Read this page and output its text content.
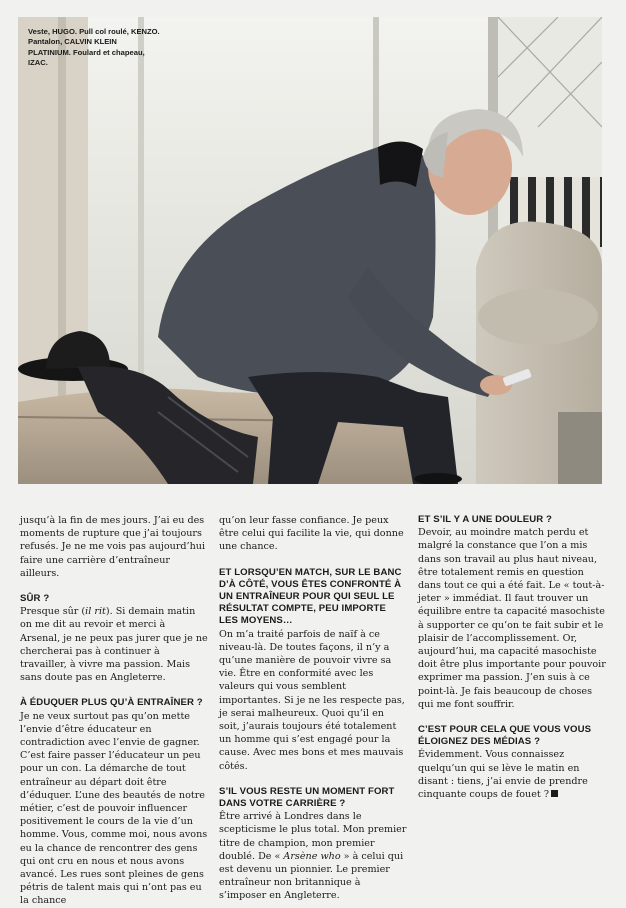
Veste, HUGO. Pull col roulé, KENZO. Pantalon, CALVIN KLEIN PLATINIUM. Foulard et chapeau, IZAC.

jusqu’à la fin de mes jours. J’ai eu des moments de rupture que j’ai toujours refusés. Je ne me vois pas aujourd’hui faire une carrière d’entraîneur ailleurs.

SÛR ?

Presque sûr (il rit). Si demain matin on me dit au revoir et merci à Arsenal, je ne peux pas jurer que je ne chercherai pas à continuer à travailler, à vivre ma passion. Mais sans doute pas en Angleterre.

À ÉDUQUER PLUS QU’À ENTRAÎNER ?

Je ne veux surtout pas qu’on mette l’envie d’être éducateur en contradiction avec l’envie de gagner. C’est faire passer l’éducateur un peu pour un con. La démarche de tout entraîneur au départ doit être d’éduquer. L’une des beautés de notre métier, c’est de pouvoir influencer positivement le cours de la vie d’un homme. Vous, comme moi, nous avons eu la chance de rencontrer des gens qui ont cru en nous et nous avons avancé. Les rues sont pleines de gens pétris de talent mais qui n’ont pas eu la chance

qu’on leur fasse confiance. Je peux être celui qui facilite la vie, qui donne une chance.

ET LORSQU’EN MATCH, SUR LE BANC D’À CÔTÉ, VOUS ÊTES CONFRONTÉ À UN ENTRAÎNEUR POUR QUI SEUL LE RÉSULTAT COMPTE, PEU IMPORTE LES MOYENS…

On m’a traité parfois de naïf à ce niveau-là. De toutes façons, il n’y a qu’une manière de pouvoir vivre sa vie. Être en conformité avec les valeurs qui vous semblent importantes. Si je ne les respecte pas, je serai malheureux. Quoi qu’il en soit, j’aurais toujours été totalement un homme qui s’est engagé pour la cause. Avec mes bons et mes mauvais côtés.

S’IL VOUS RESTE UN MOMENT FORT DANS VOTRE CARRIÈRE ?

Être arrivé à Londres dans le scepticisme le plus total. Mon premier titre de champion, mon premier doublé. De « Arsène who » à celui qui est devenu un pionnier. Le premier entraîneur non britannique à s’imposer en Angleterre.

ET S’IL Y A UNE DOULEUR ?

Devoir, au moindre match perdu et malgré la constance que l’on a mis dans son travail au plus haut niveau, être totalement remis en question dans tout ce qui a été fait. Le « tout-à-jeter » immédiat. Il faut trouver un équilibre entre ta capacité masochiste à supporter ce qu’on te fait subir et le plaisir de l’accomplissement. Or, aujourd’hui, ma capacité masochiste doit être plus importante pour pouvoir exprimer ma passion. J’en suis à ce point-là. Je fais beaucoup de choses qui me font souffrir.

C’EST POUR CELA QUE VOUS VOUS ÉLOIGNEZ DES MÉDIAS ?

Évidemment. Vous connaissez quelqu’un qui se lève le matin en disant : tiens, j’ai envie de prendre cinquante coups de fouet ?
